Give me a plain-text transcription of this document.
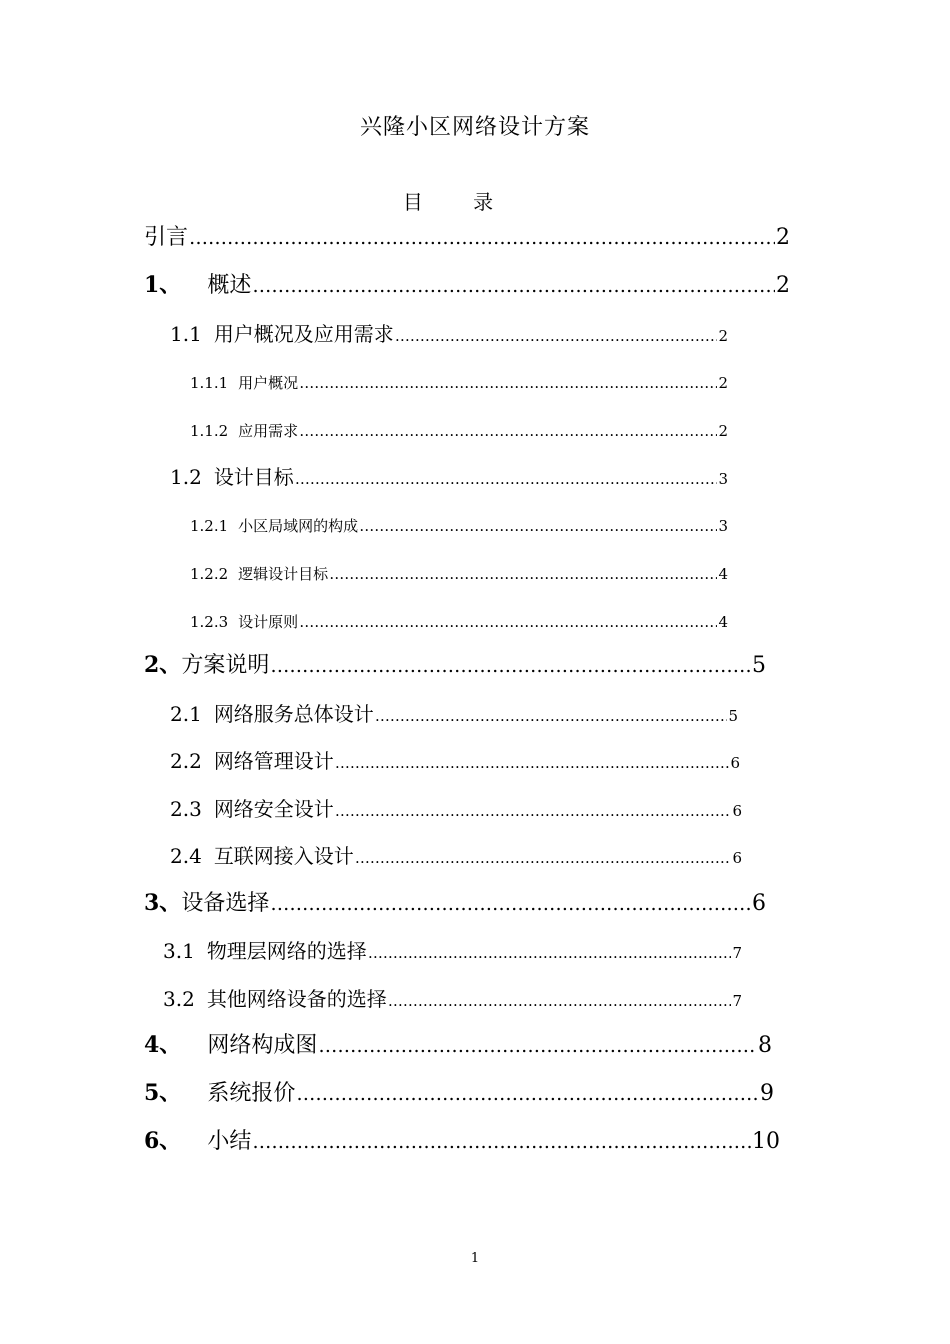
兴隆小区网络设计方案
目 录
引言 ……………………………………………………………………………………………………………………………………………………	2
1、 概述 ……………………………………………………………………………………………………………………………………………………	2
1.1 用户概况及应用需求 ……………………………………………………………………………………………………………………………………………………	2
1.1.1 用户概况 ……………………………………………………………………………………………………………………………………………………	2
1.1.2 应用需求 ……………………………………………………………………………………………………………………………………………………	2
1.2 设计目标 ……………………………………………………………………………………………………………………………………………………	3
1.2.1 小区局域网的构成 ……………………………………………………………………………………………………………………………………………………	3
1.2.2 逻辑设计目标 ……………………………………………………………………………………………………………………………………………………	4
1.2.3 设计原则 ……………………………………………………………………………………………………………………………………………………	4
2、 方案说明 ……………………………………………………………………………………………………………………………………………………	5
2.1 网络服务总体设计 ……………………………………………………………………………………………………………………………………………………	5
2.2 网络管理设计 ……………………………………………………………………………………………………………………………………………………	6
2.3 网络安全设计 ……………………………………………………………………………………………………………………………………………………	6
2.4 互联网接入设计 ……………………………………………………………………………………………………………………………………………………	6
3、 设备选择 ……………………………………………………………………………………………………………………………………………………	6
3.1 物理层网络的选择 ……………………………………………………………………………………………………………………………………………………	7
3.2 其他网络设备的选择 ……………………………………………………………………………………………………………………………………………………	7
4、 网络构成图 ……………………………………………………………………………………………………………………………………………………	8
5、 系统报价 ……………………………………………………………………………………………………………………………………………………	9
6、 小结 ……………………………………………………………………………………………………………………………………………………	10
1
